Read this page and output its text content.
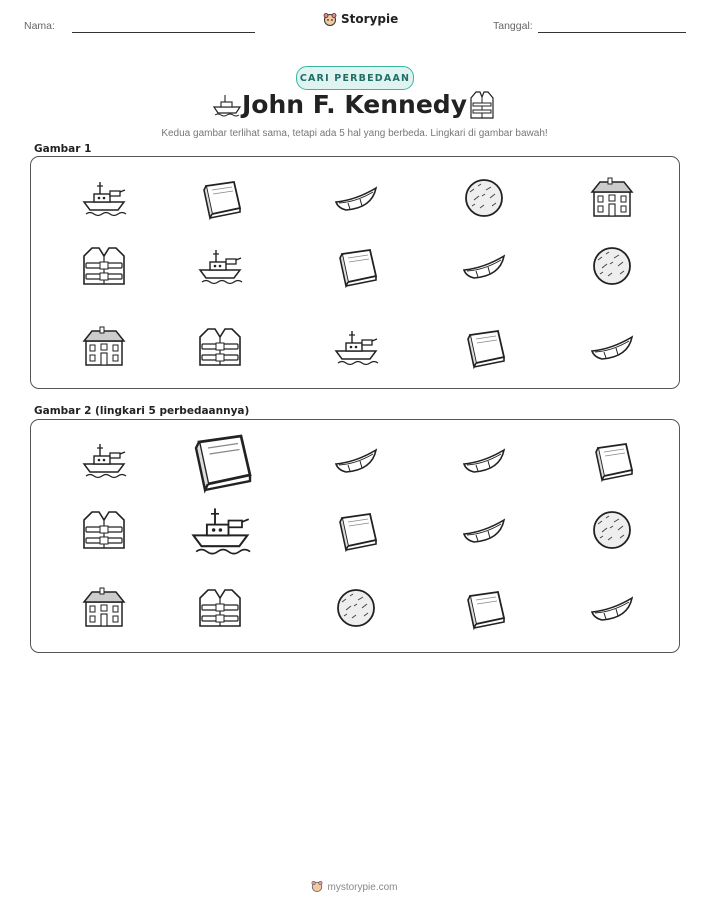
Nama:	Storypie	Tanggal:
CARI PERBEDAAN
John F. Kennedy
Kedua gambar terlihat sama, tetapi ada 5 hal yang berbeda. Lingkari di gambar bawah!
Gambar 1
Gambar 2 (lingkari 5 perbedaannya)
mystorypie.com
